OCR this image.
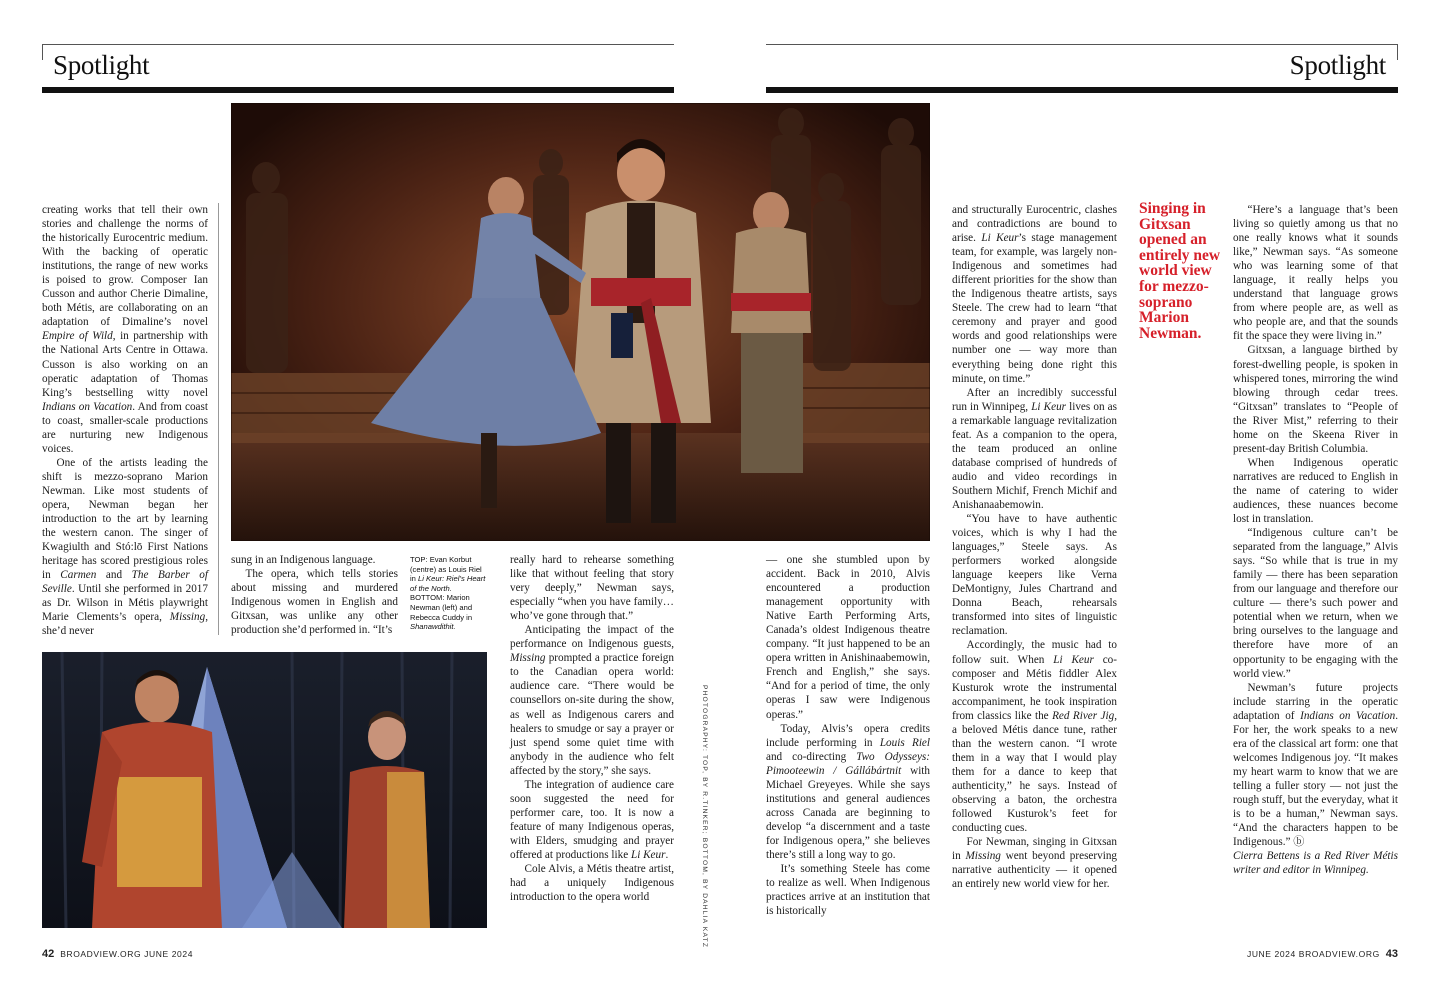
Spotlight	Spotlight

creating works that tell their own stories and challenge the norms of the historically Eurocentric medium. With the backing of operatic institutions, the range of new works is poised to grow. Composer Ian Cusson and author Cherie Dimaline, both Métis, are collaborating on an adaptation of Dimaline’s novel Empire of Wild, in partnership with the National Arts Centre in Ottawa. Cusson is also working on an operatic adaptation of Thomas King’s bestselling witty novel Indians on Vacation. And from coast to coast, smaller-scale productions are nurturing new Indigenous voices.

One of the artists leading the shift is mezzo-soprano Marion Newman. Like most students of opera, Newman began her introduction to the art by learning the western canon. The singer of Kwagiulth and Stó:lō First Nations heritage has scored prestigious roles in Carmen and The Barber of Seville. Until she performed in 2017 as Dr. Wilson in Métis playwright Marie Clements’s opera, Missing, she’d never

sung in an Indigenous language.

The opera, which tells stories about missing and murdered Indigenous women in English and Gitxsan, was unlike any other production she’d performed in. “It’s

TOP: Evan Korbut
(centre) as Louis Riel
in Li Keur: Riel’s Heart
of the North.
BOTTOM: Marion
Newman (left) and
Rebecca Cuddy in
Shanawdithit.

really hard to rehearse something like that without feeling that story very deeply,” Newman says, especially “when you have family… who’ve gone through that.”

Anticipating the impact of the performance on Indigenous guests, Missing prompted a practice foreign to the Canadian opera world: audience care. “There would be counsellors on-site during the show, as well as Indigenous carers and healers to smudge or say a prayer or just spend some quiet time with anybody in the audience who felt affected by the story,” she says.

The integration of audience care soon suggested the need for performer care, too. It is now a feature of many Indigenous operas, with Elders, smudging and prayer offered at productions like Li Keur.

Cole Alvis, a Métis theatre artist, had a uniquely Indigenous introduction to the opera world	PHOTOGRAPHY: TOP, BY R.TINKER; BOTTOM, BY DAHLIA KATZ

— one she stumbled upon by accident. Back in 2010, Alvis encountered a production management opportunity with Native Earth Performing Arts, Canada’s oldest Indigenous theatre company. “It just happened to be an opera written in Anishinaabemowin, French and English,” she says. “And for a period of time, the only operas I saw were Indigenous operas.”

Today, Alvis’s opera credits include performing in Louis Riel and co-directing Two Odysseys: Pimooteewin / Gállábártnit with Michael Greyeyes. While she says institutions and general audiences across Canada are beginning to develop “a discernment and a taste for Indigenous opera,” she believes there’s still a long way to go.

It’s something Steele has come to realize as well. When Indigenous practices arrive at an institution that is historically

and structurally Eurocentric, clashes and contradictions are bound to arise. Li Keur’s stage management team, for example, was largely non-Indigenous and sometimes had different priorities for the show than the Indigenous theatre artists, says Steele. The crew had to learn “that ceremony and prayer and good words and good relationships were number one — way more than everything being done right this minute, on time.”

After an incredibly successful run in Winnipeg, Li Keur lives on as a remarkable language revitalization feat. As a companion to the opera, the team produced an online database comprised of hundreds of audio and video recordings in Southern Michif, French Michif and Anishanaabemowin.

“You have to have authentic voices, which is why I had the languages,” Steele says. As performers worked alongside language keepers like Verna DeMontigny, Jules Chartrand and Donna Beach, rehearsals transformed into sites of linguistic reclamation.

Accordingly, the music had to follow suit. When Li Keur co-composer and Métis fiddler Alex Kusturok wrote the instrumental accompaniment, he took inspiration from classics like the Red River Jig, a beloved Métis dance tune, rather than the western canon. “I wrote them in a way that I would play them for a dance to keep that authenticity,” he says. Instead of observing a baton, the orchestra followed Kusturok’s feet for conducting cues.

For Newman, singing in Gitxsan in Missing went beyond preserving narrative authenticity — it opened an entirely new world view for her.

Singing in Gitxsan opened an entirely new world view for mezzo-soprano Marion Newman.

“Here’s a language that’s been living so quietly among us that no one really knows what it sounds like,” Newman says. “As someone who was learning some of that language, it really helps you understand that language grows from where people are, as well as who people are, and that the sounds fit the space they were living in.”

Gitxsan, a language birthed by forest-dwelling people, is spoken in whispered tones, mirroring the wind blowing through cedar trees. “Gitxsan” translates to “People of the River Mist,” referring to their home on the Skeena River in present-day British Columbia.

When Indigenous operatic narratives are reduced to English in the name of catering to wider audiences, these nuances become lost in translation.

“Indigenous culture can’t be separated from the language,” Alvis says. “So while that is true in my family — there has been separation from our language and therefore our culture — there’s such power and potential when we return, when we bring ourselves to the language and therefore have more of an opportunity to be engaging with the world view.”

Newman’s future projects include starring in the operatic adaptation of Indians on Vacation. For her, the work speaks to a new era of the classical art form: one that welcomes Indigenous joy. “It makes my heart warm to know that we are telling a fuller story — not just the rough stuff, but the everyday, what it is to be a human,” Newman says. “And the characters happen to be Indigenous.” ⓑ

Cierra Bettens is a Red River Métis writer and editor in Winnipeg.

42 BROADVIEW.ORG JUNE 2024	JUNE 2024 BROADVIEW.ORG 43
